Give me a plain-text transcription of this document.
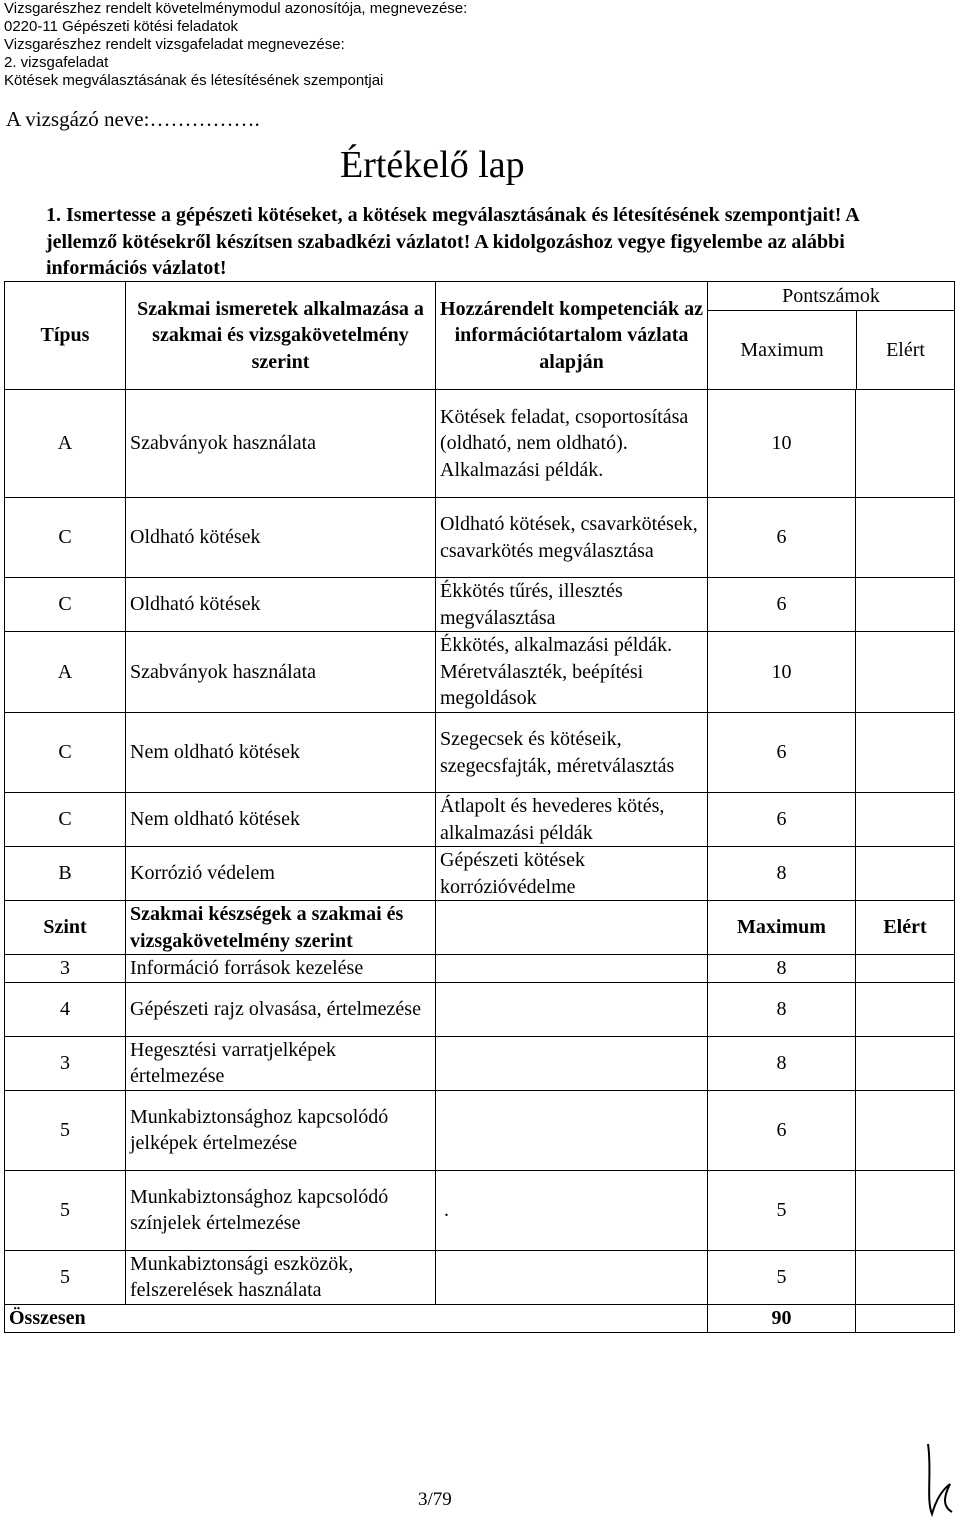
Vizsgarészhez rendelt követelménymodul azonosítója, megnevezése:
0220-11 Gépészeti kötési feladatok
Vizsgarészhez rendelt vizsgafeladat megnevezése:
2. vizsgafeladat
Kötések megválasztásának és létesítésének szempontjai
A vizsgázó neve:…………….
Értékelő lap
1. Ismertesse a gépészeti kötéseket, a kötések megválasztásának és létesítésének szempontjait! A jellemző kötésekről készítsen szabadkézi vázlatot! A kidolgozáshoz vegye figyelembe az alábbi információs vázlatot!
Típus	Szakmai ismeretek alkalmazása a szakmai és vizsgakövetelmény szerint	Hozzárendelt kompetenciák az információtartalom vázlata alapján	Pontszámok
Maximum Elért	

A	Szabványok használata	Kötések feladat, csoportosítása (oldható, nem oldható). Alkalmazási példák.	10	
C	Oldható kötések	Oldható kötések, csavarkötések, csavarkötés megválasztása	6	
C	Oldható kötések	Ékkötés tűrés, illesztés megválasztása	6	
A	Szabványok használata	Ékkötés, alkalmazási példák. Méretválaszték, beépítési megoldások	10	
C	Nem oldható kötések	Szegecsek és kötéseik, szegecsfajták, méretválasztás	6	
C	Nem oldható kötések	Átlapolt és hevederes kötés, alkalmazási példák	6	
B	Korrózió védelem	Gépészeti kötések korrózióvédelme	8	
Szint	Szakmai készségek a szakmai és vizsgakövetelmény szerint		Maximum	Elért
3	Információ források kezelése		8	
4	Gépészeti rajz olvasása, értelmezése		8	
3	Hegesztési varratjelképek értelmezése		8	
5	Munkabiztonsághoz kapcsolódó jelképek értelmezése		6	
5	Munkabiztonsághoz kapcsolódó színjelek értelmezése	.	5	
5	Munkabiztonsági eszközök, felszerelések használata		5	
Összesen			90	
3/79
